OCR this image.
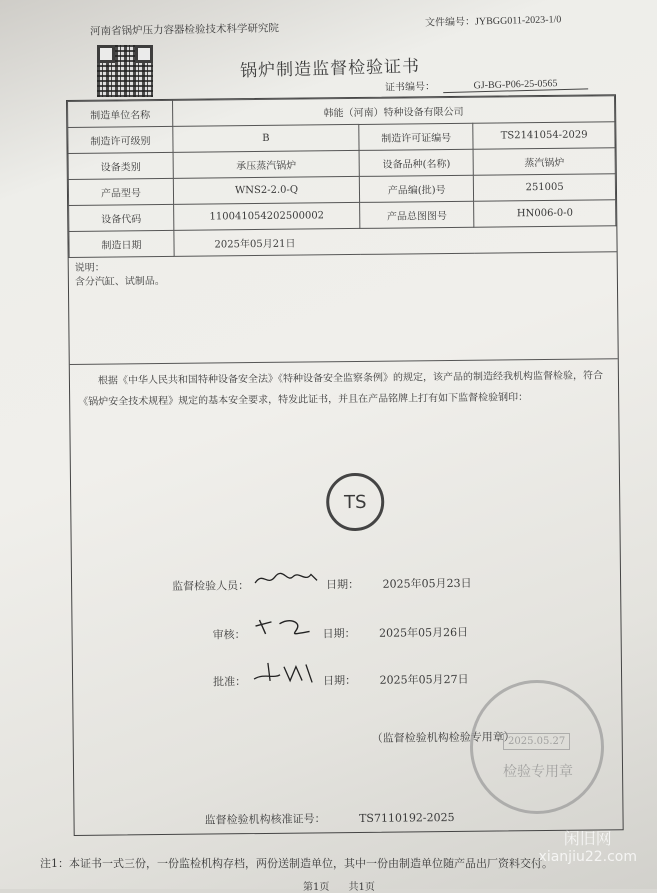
河南省锅炉压力容器检验技术科学研究院	文件编号：JYBGG011-2023-1/0
锅炉制造监督检验证书
证书编号：	GJ-BG-P06-25-0565
制造单位名称	韩能（河南）特种设备有限公司		
制造许可级别	B	制造许可证编号	TS2141054-2029
设备类别	承压蒸汽锅炉	设备品种(名称)	蒸汽锅炉
产品型号	WNS2-2.0-Q	产品编(批)号	251005
设备代码	11004105420250000​2	产品总图图号	HN006-0-0
制造日期	2025年05月21日		
说明：
含分汽缸、试制品。
根据《中华人民共和国特种设备安全法》《特种设备安全监察条例》的规定，该产品的制造经我机构监督检验，符合《锅炉安全技术规程》规定的基本安全要求，特发此证书，并且在产品铭牌上打有如下监督检验钢印：
TS
监督检验人员：	日期： 2025年05月23日
审核：	日期： 2025年05月26日
批准：	日期： 2025年05月27日
（监督检验机构检验专用章）
监督检验机构核准证号：	TS7110192-2025
2025.05.27
检验专用章
注1：本证书一式三份，一份监检机构存档，两份送制造单位，其中一份由制造单位随产品出厂资料交付。
第1页 共1页
闲旧网
xianjiu22.com
